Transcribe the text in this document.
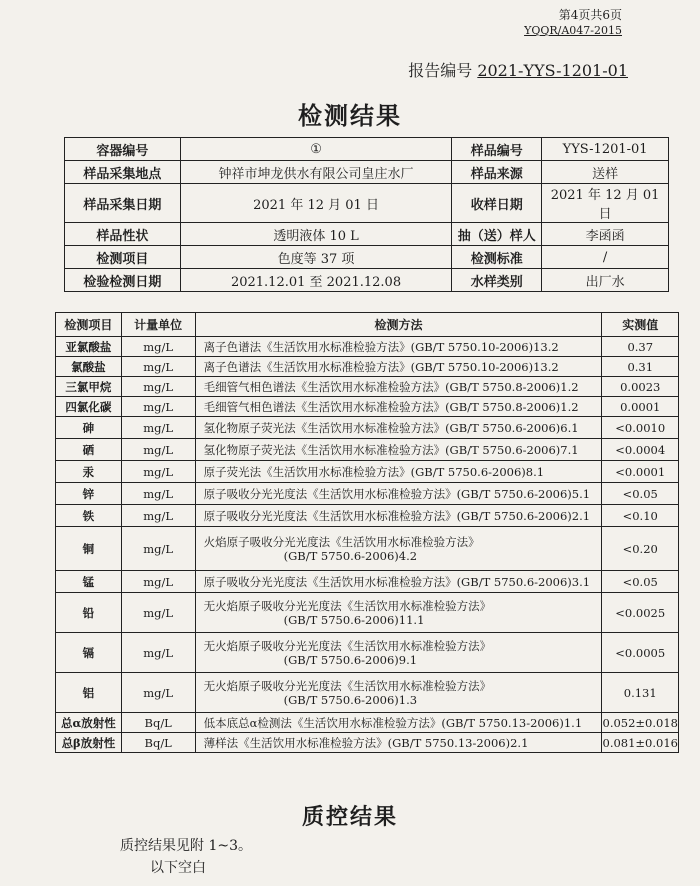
第4页共6页
YQQR/A047-2015
报告编号 2021-YYS-1201-01
检测结果
容器编号	①	样品编号	YYS-1201-01
样品采集地点	钟祥市坤龙供水有限公司皇庄水厂	样品来源	送样
样品采集日期	2021 年 12 月 01 日	收样日期	2021 年 12 月 01 日
样品性状	透明液体 10 L	抽（送）样人	李函函
检测项目	色度等 37 项	检测标准	/
检验检测日期	2021.12.01 至 2021.12.08	水样类别	出厂水
检测项目	计量单位	检测方法	实测值
亚氯酸盐	mg/L	离子色谱法《生活饮用水标准检验方法》(GB/T 5750.10-2006)13.2	0.37
氯酸盐	mg/L	离子色谱法《生活饮用水标准检验方法》(GB/T 5750.10-2006)13.2	0.31
三氯甲烷	mg/L	毛细管气相色谱法《生活饮用水标准检验方法》(GB/T 5750.8-2006)1.2	0.0023
四氯化碳	mg/L	毛细管气相色谱法《生活饮用水标准检验方法》(GB/T 5750.8-2006)1.2	0.0001
砷	mg/L	氢化物原子荧光法《生活饮用水标准检验方法》(GB/T 5750.6-2006)6.1	<0.0010
硒	mg/L	氢化物原子荧光法《生活饮用水标准检验方法》(GB/T 5750.6-2006)7.1	<0.0004
汞	mg/L	原子荧光法《生活饮用水标准检验方法》(GB/T 5750.6-2006)8.1	<0.0001
锌	mg/L	原子吸收分光光度法《生活饮用水标准检验方法》(GB/T 5750.6-2006)5.1	<0.05
铁	mg/L	原子吸收分光光度法《生活饮用水标准检验方法》(GB/T 5750.6-2006)2.1	<0.10
铜	mg/L	火焰原子吸收分光光度法《生活饮用水标准检验方法》
(GB/T 5750.6-2006)4.2	<0.20
锰	mg/L	原子吸收分光光度法《生活饮用水标准检验方法》(GB/T 5750.6-2006)3.1	<0.05
铅	mg/L	无火焰原子吸收分光光度法《生活饮用水标准检验方法》
(GB/T 5750.6-2006)11.1	<0.0025
镉	mg/L	无火焰原子吸收分光光度法《生活饮用水标准检验方法》
(GB/T 5750.6-2006)9.1	<0.0005
铝	mg/L	无火焰原子吸收分光光度法《生活饮用水标准检验方法》
(GB/T 5750.6-2006)1.3	0.131
总α放射性	Bq/L	低本底总α检测法《生活饮用水标准检验方法》(GB/T 5750.13-2006)1.1	0.052±0.018
总β放射性	Bq/L	薄样法《生活饮用水标准检验方法》(GB/T 5750.13-2006)2.1	0.081±0.016
质控结果
质控结果见附 1~3。
以下空白
